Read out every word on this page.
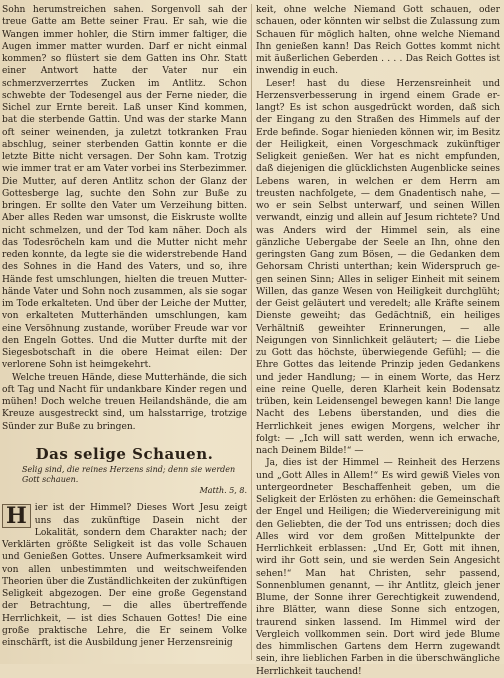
Sohn herumstreichen sahen. Sorgenvoll sah der treue Gatte am Bette seiner Frau. Er sah, wie die Wangen immer hohler, die Stirn immer faltiger, die Augen immer matter wurden. Darf er nicht einmal kommen? so flüstert sie dem Gatten ins Ohr. Statt einer Antwort hatte der Vater nur ein schmerzverzerrtes Zucken im Antlitz. Schon schwebte der Todesengel aus der Ferne nieder, die Sichel zur Ernte bereit. Laß unser Kind kommen, bat die sterbende Gattin. Und was der starke Mann oft seiner weinenden, ja zuletzt totkranken Frau abschlug, seiner sterbenden Gattin konnte er die letzte Bitte nicht versagen. Der Sohn kam. Trotzig wie immer trat er am Vater vorbei ins Sterbezimmer. Die Mutter, auf deren Antlitz schon der Glanz der Gottesberge lag, suchte den Sohn zur Buße zu bringen. Er sollte den Vater um Verzeihung bitten. Aber alles Reden war umsonst, die Eiskruste wollte nicht schmelzen, und der Tod kam näher. Doch als das Todesröcheln kam und die Mutter nicht mehr reden konnte, da legte sie die widerstrebende Hand des Sohnes in die Hand des Vaters, und so, ihre Hände fest umschlungen, hielten die treuen Mutterhände Vater und Sohn noch zusammen, als sie sogar im Tode erkalteten. Und über der Leiche der Mutter, von erkalteten Mutterhänden umschlungen, kam eine Versöhnung zustande, worüber Freude war vor den Engeln Gottes. Und die Mutter durfte mit der Siegesbotschaft in die obere Heimat eilen: Der verlorene Sohn ist heimgekehrt.

Welche treuen Hände, diese Mutterhände, die sich oft Tag und Nacht für undankbare Kinder regen und mühen! Doch welche treuen Heilandshände, die am Kreuze ausgestreckt sind, um halsstarrige, trotzige Sünder zur Buße zu bringen.

Das selige Schauen.
Selig sind, die reines Herzens sind; denn sie werden Gott schauen.
Matth. 5, 8.

H ier ist der Himmel? Dieses Wort Jesu zeigt uns das zukünftige Dasein nicht der Lokalität, sondern dem Charakter nach; der Verklärten größte Seligkeit ist das volle Schauen und Genießen Gottes. Unsere Aufmerksamkeit wird von allen unbestimmten und weitschweifenden Theorien über die Zuständlichkeiten der zukünftigen Seligkeit abgezogen. Der eine große Gegenstand der Betrachtung, — die alles übertreffende Herrlichkeit, — ist dies Schauen Gottes! Die eine große praktische Lehre, die Er seinem Volke einschärft, ist die Ausbildung jener Herzensreinig

keit, ohne welche Niemand Gott schauen, oder schauen, oder könnten wir selbst die Zulassung zum Schauen für möglich halten, ohne welche Niemand Ihn genießen kann! Das Reich Gottes kommt nicht mit äußerlichen Geberden . . . . Das Reich Gottes ist inwendig in euch.

Leser! hast du diese Herzensreinheit und Herzensverbesserung in irgend einem Grade erlangt? Es ist schon ausgedrückt worden, daß sich der Eingang zu den Straßen des Himmels auf der Erde befinde. Sogar hienieden können wir, im Besitz der Heiligkeit, einen Vorgeschmack zukünftiger Seligkeit genießen. Wer hat es nicht empfunden, daß diejenigen die glücklichsten Augenblicke seines Lebens waren, in welchen er dem Herrn am treusten nachfolgete, — dem Gnadentisch nahe, — wo er sein Selbst unterwarf, und seinen Willen verwandt, einzig und allein auf Jesum richtete? Und was Anders wird der Himmel sein, als eine gänzliche Uebergabe der Seele an Ihn, ohne den geringsten Gang zum Bösen, — die Gedanken dem Gehorsam Christi unterthan; kein Widerspruch gegen seinen Sinn; Alles in seliger Einheit mit seinem Willen, das ganze Wesen von Heiligkeit durchglüht; der Geist geläutert und veredelt; alle Kräfte seinem Dienste geweiht; das Gedächtniß, ein heiliges Verhältniß geweihter Erinnerungen, — alle Neigungen von Sinnlichkeit geläutert; — die Liebe zu Gott das höchste, überwiegende Gefühl; — die Ehre Gottes das leitende Prinzip jeden Gedankens und jeder Handlung; — in einem Worte, das Herz eine reine Quelle, deren Klarheit kein Bodensatz trüben, kein Leidensengel bewegen kann! Die lange Nacht des Lebens überstanden, und dies die Herrlichkeit jenes ewigen Morgens, welcher ihr folgt: — „Ich will satt werden, wenn ich erwache, nach Deinem Bilde!“ —

Ja, dies ist der Himmel — Reinheit des Herzens und „Gott Alles in Allem!“ Es wird gewiß Vieles von untergeordneter Beschaffenheit geben, um die Seligkeit der Erlösten zu erhöhen: die Gemeinschaft der Engel und Heiligen; die Wiedervereinigung mit den Geliebten, die der Tod uns entrissen; doch dies Alles wird vor dem großen Mittelpunkte der Herrlichkeit erblassen: „Und Er, Gott mit ihnen, wird ihr Gott sein, und sie werden Sein Angesicht sehen!“ Man hat Christen, sehr passend, Sonnenblumen genannt, — ihr Antlitz, gleich jener Blume, der Sonne ihrer Gerechtigkeit zuwendend, ihre Blätter, wann diese Sonne sich entzogen, traurend sinken lassend. Im Himmel wird der Vergleich vollkommen sein. Dort wird jede Blume des himmlischen Gartens dem Herrn zugewandt sein, ihre lieblichen Farben in die überschwängliche Herrlichkeit tauchend!
